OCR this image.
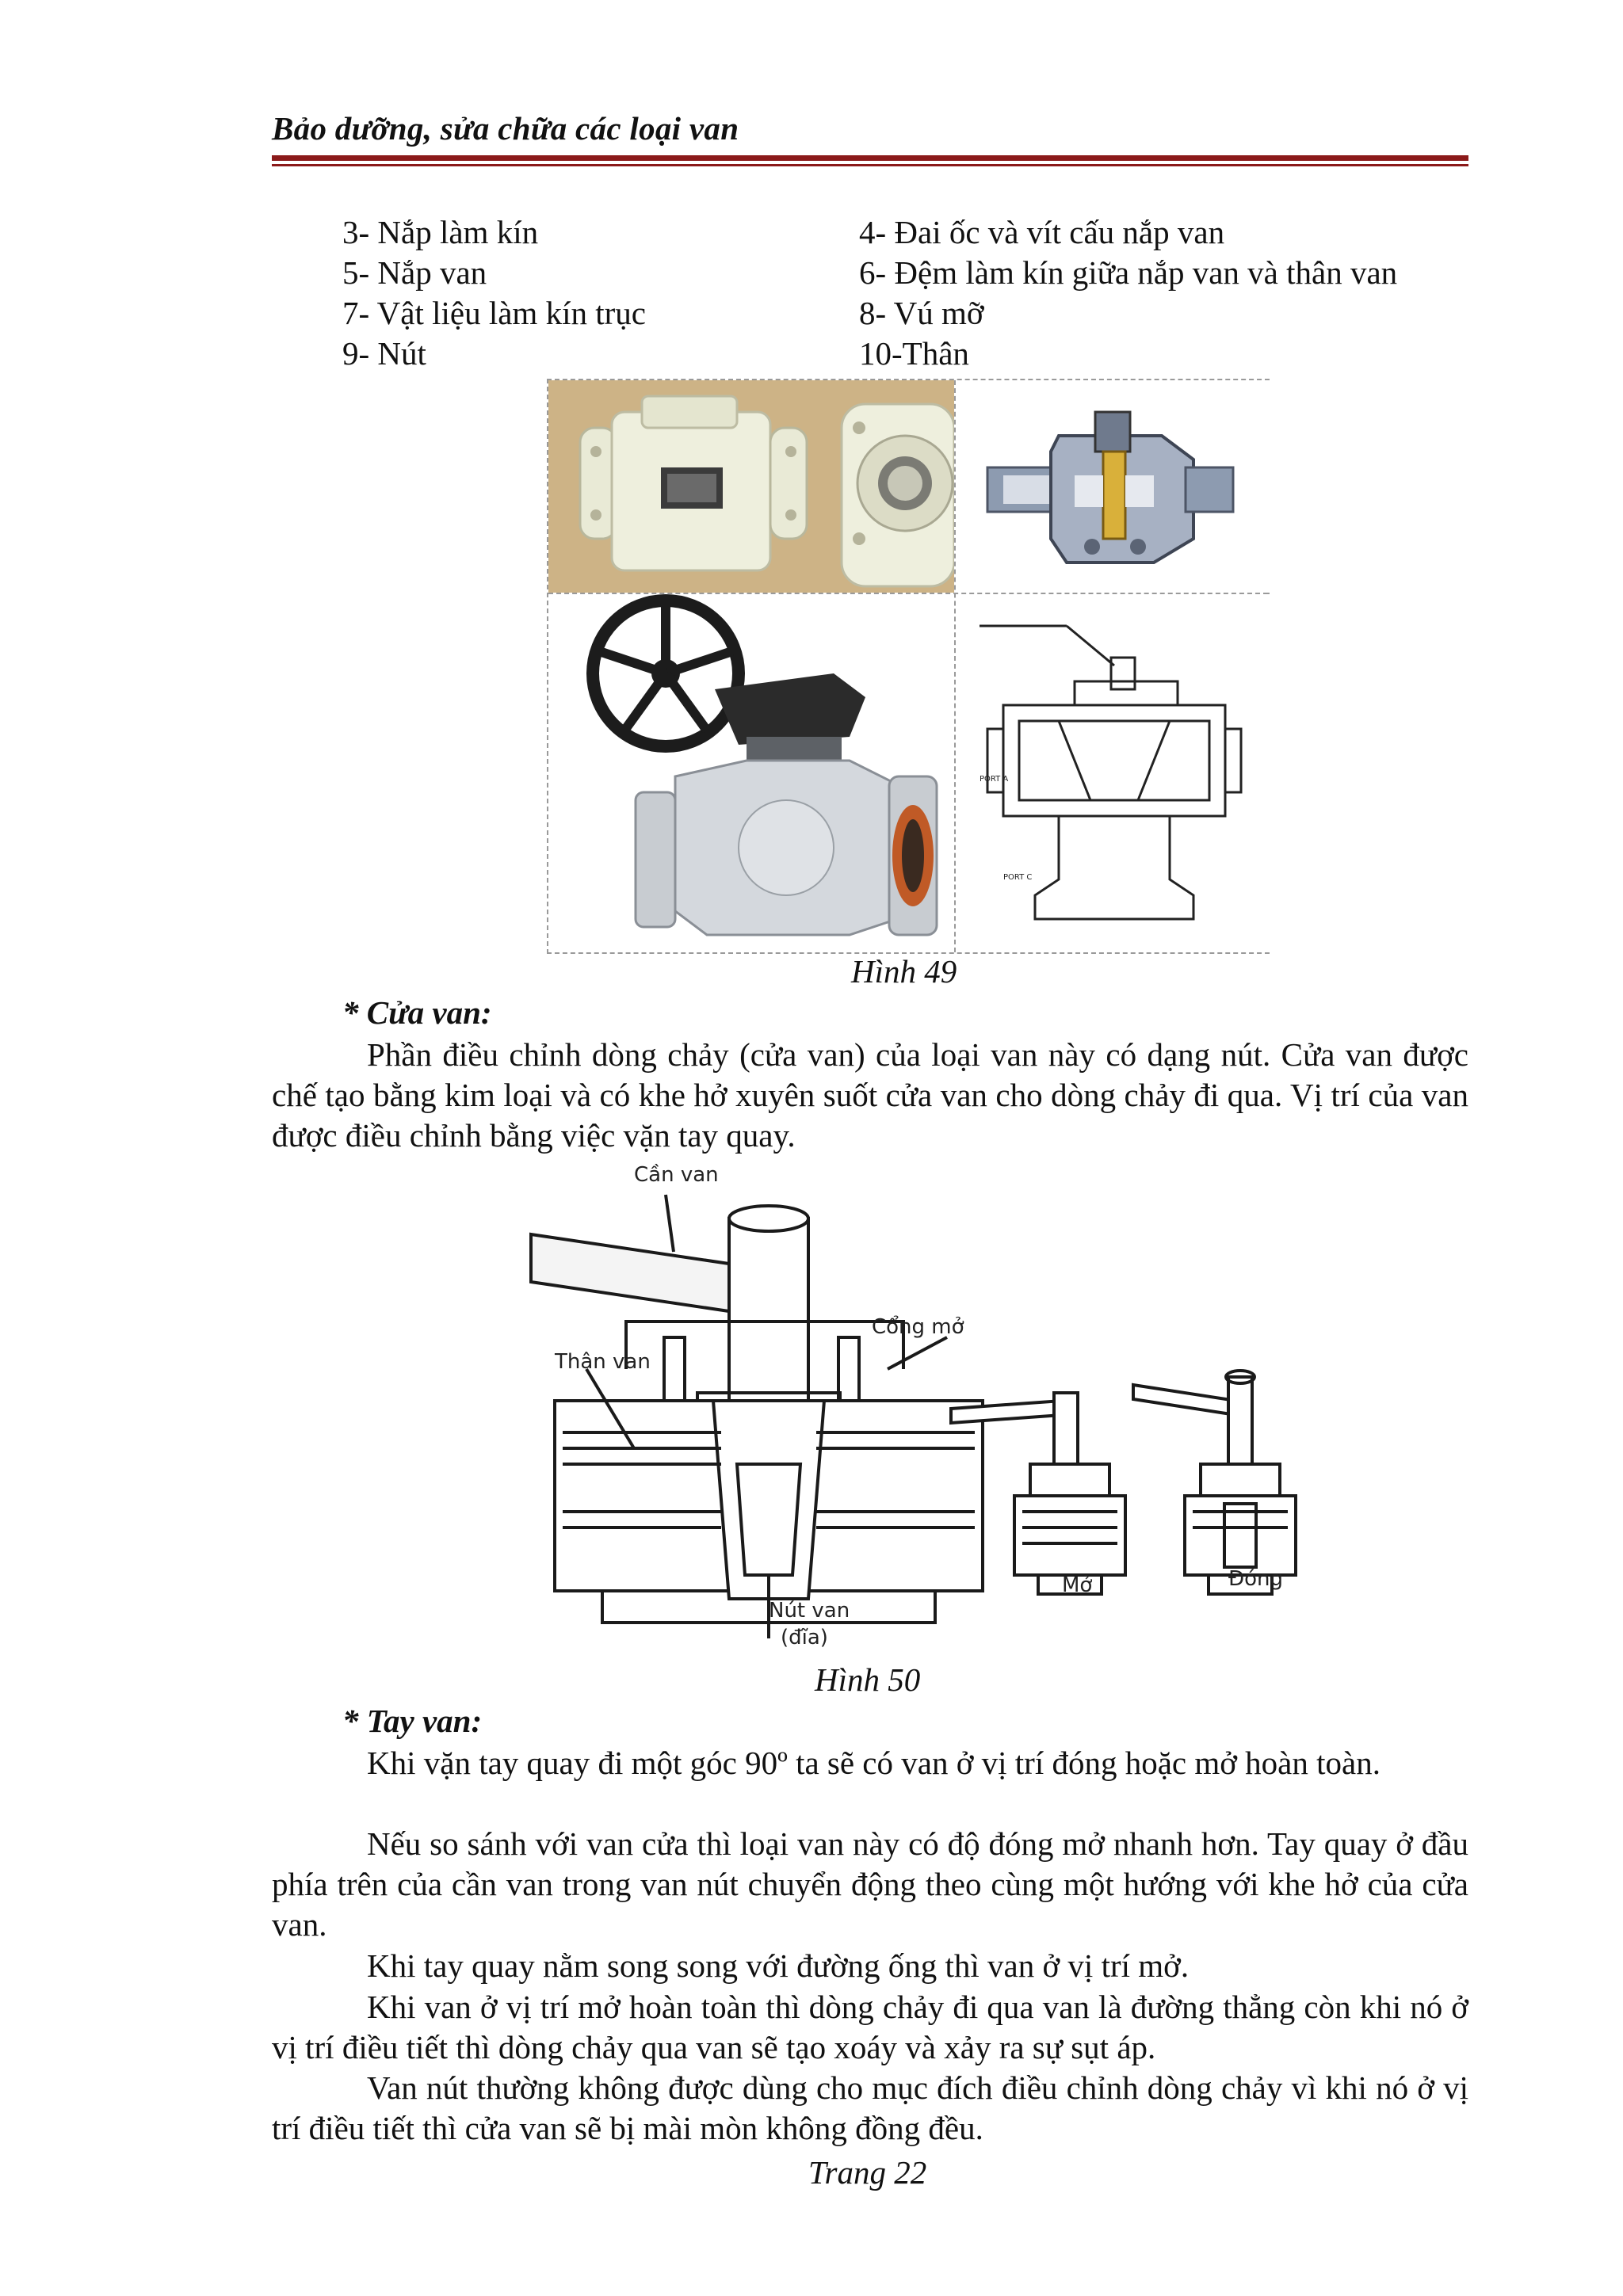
Bảo dưỡng, sửa chữa các loại van
3- Nắp làm kín	4- Đai ốc và vít cấu nắp van
5- Nắp van	6- Đệm làm kín giữa nắp van và thân van
7- Vật liệu làm kín trục	8- Vú mỡ
9- Nút	10-Thân
PORT A
PORT C
Hình 49
* Cửa van:
Phần điều chỉnh dòng chảy (cửa van) của loại van này có dạng nút. Cửa van được chế tạo bằng kim loại và có khe hở xuyên suốt cửa van cho dòng chảy đi qua. Vị trí của van được điều chỉnh bằng việc vặn tay quay.
Cần van
Cổng mở
Thân van
Nút van
(đĩa)
Mở	Đóng
Hình 50
* Tay van:
Khi vặn tay quay đi một góc 90º ta sẽ có van ở vị trí đóng hoặc mở hoàn toàn.
Nếu so sánh với van cửa thì loại van này có độ đóng mở nhanh hơn. Tay quay ở đầu phía trên của cần van trong van nút chuyển động theo cùng một hướng với khe hở của cửa van.
Khi tay quay nằm song song với đường ống thì van ở vị trí mở.
Khi van ở vị trí mở hoàn toàn thì dòng chảy đi qua van là đường thẳng còn khi nó ở vị trí điều tiết thì dòng chảy qua van sẽ tạo xoáy và xảy ra sự sụt áp.
Van nút thường không được dùng cho mục đích điều chỉnh dòng chảy vì khi nó ở vị trí điều tiết thì cửa van sẽ bị mài mòn không đồng đều.
Trang 22
